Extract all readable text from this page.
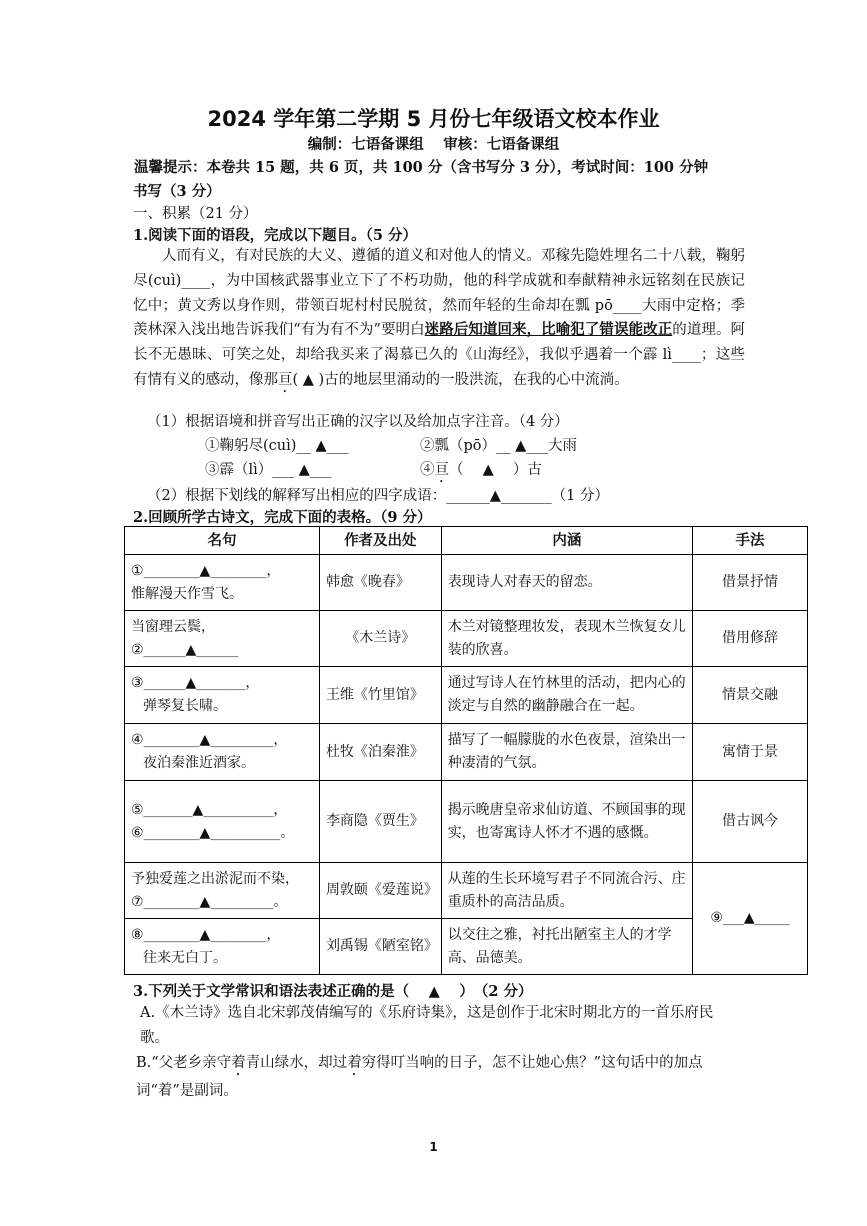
2024 学年第二学期 5 月份七年级语文校本作业
编制：七语备课组　 审核：七语备课组
温馨提示：本卷共 15 题，共 6 页，共 100 分（含书写分 3 分），考试时间：100 分钟
书写（3 分）
一、积累（21 分）
1.阅读下面的语段，完成以下题目。（5 分）
人而有义，有对民族的大义、遵循的道义和对他人的情义。邓稼先隐姓埋名二十八载，鞠躬尽(cuì)____，为中国核武器事业立下了不朽功勋，他的科学成就和奉献精神永远铭刻在民族记忆中；黄文秀以身作则，带领百坭村村民脱贫，然而年轻的生命却在瓢 pō____大雨中定格；季羡林深入浅出地告诉我们“有为有不为”要明白迷路后知道回来，比喻犯了错误能改正的道理。阿长不无愚昧、可笑之处，却给我买来了渴慕已久的《山海经》，我似乎遇着一个霹 lì____；这些有情有义的感动，像那亘( ▲ )古的地层里涌动的一股洪流，在我的心中流淌。
（1）根据语境和拼音写出正确的汉字以及给加点字注音。（4 分）
①鞠躬尽(cuì)__ ▲___	②瓢（pō）__ ▲___大雨
③霹（lì）___ ▲___	④亘（　 ▲　 ）古
（2）根据下划线的解释写出相应的四字成语：______▲_______（1 分）
2.回顾所学古诗文，完成下面的表格。（9 分）
名句	作者及出处	内涵	手法

①________▲________，
惟解漫天作雪飞。	韩愈《晚春》	表现诗人对春天的留恋。	借景抒情

当窗理云鬓，
②______▲______	《木兰诗》	木兰对镜整理妆发，表现木兰恢复女儿装的欣喜。	借用修辞

③______▲_______，
弹琴复长啸。	王维《竹里馆》	通过写诗人在竹林里的活动，把内心的淡定与自然的幽静融合在一起。	情景交融

④________▲_________，
夜泊秦淮近酒家。	杜牧《泊秦淮》	描写了一幅朦胧的水色夜景，渲染出一种凄清的气氛。	寓情于景

⑤_______▲__________，
⑥________▲__________。	李商隐《贾生》	揭示晚唐皇帝求仙访道、不顾国事的现实，也寄寓诗人怀才不遇的感慨。	借古讽今

予独爱莲之出淤泥而不染，
⑦________▲_________。	周敦颐《爱莲说》	从莲的生长环境写君子不同流合污、庄重质朴的高洁品质。	⑨___▲_____

⑧________▲________，
往来无白丁。	刘禹锡《陋室铭》	以交往之雅，衬托出陋室主人的才学高、品德美。	
3.下列关于文学常识和语法表述正确的是（　 ▲　 ）　（2 分）
A.《木兰诗》选自北宋郭茂倩编写的《乐府诗集》，这是创作于北宋时期北方的一首乐府民歌。
B.“父老乡亲守着青山绿水，却过着穷得叮当响的日子，怎不让她心焦？”这句话中的加点词“着”是副词。
1
